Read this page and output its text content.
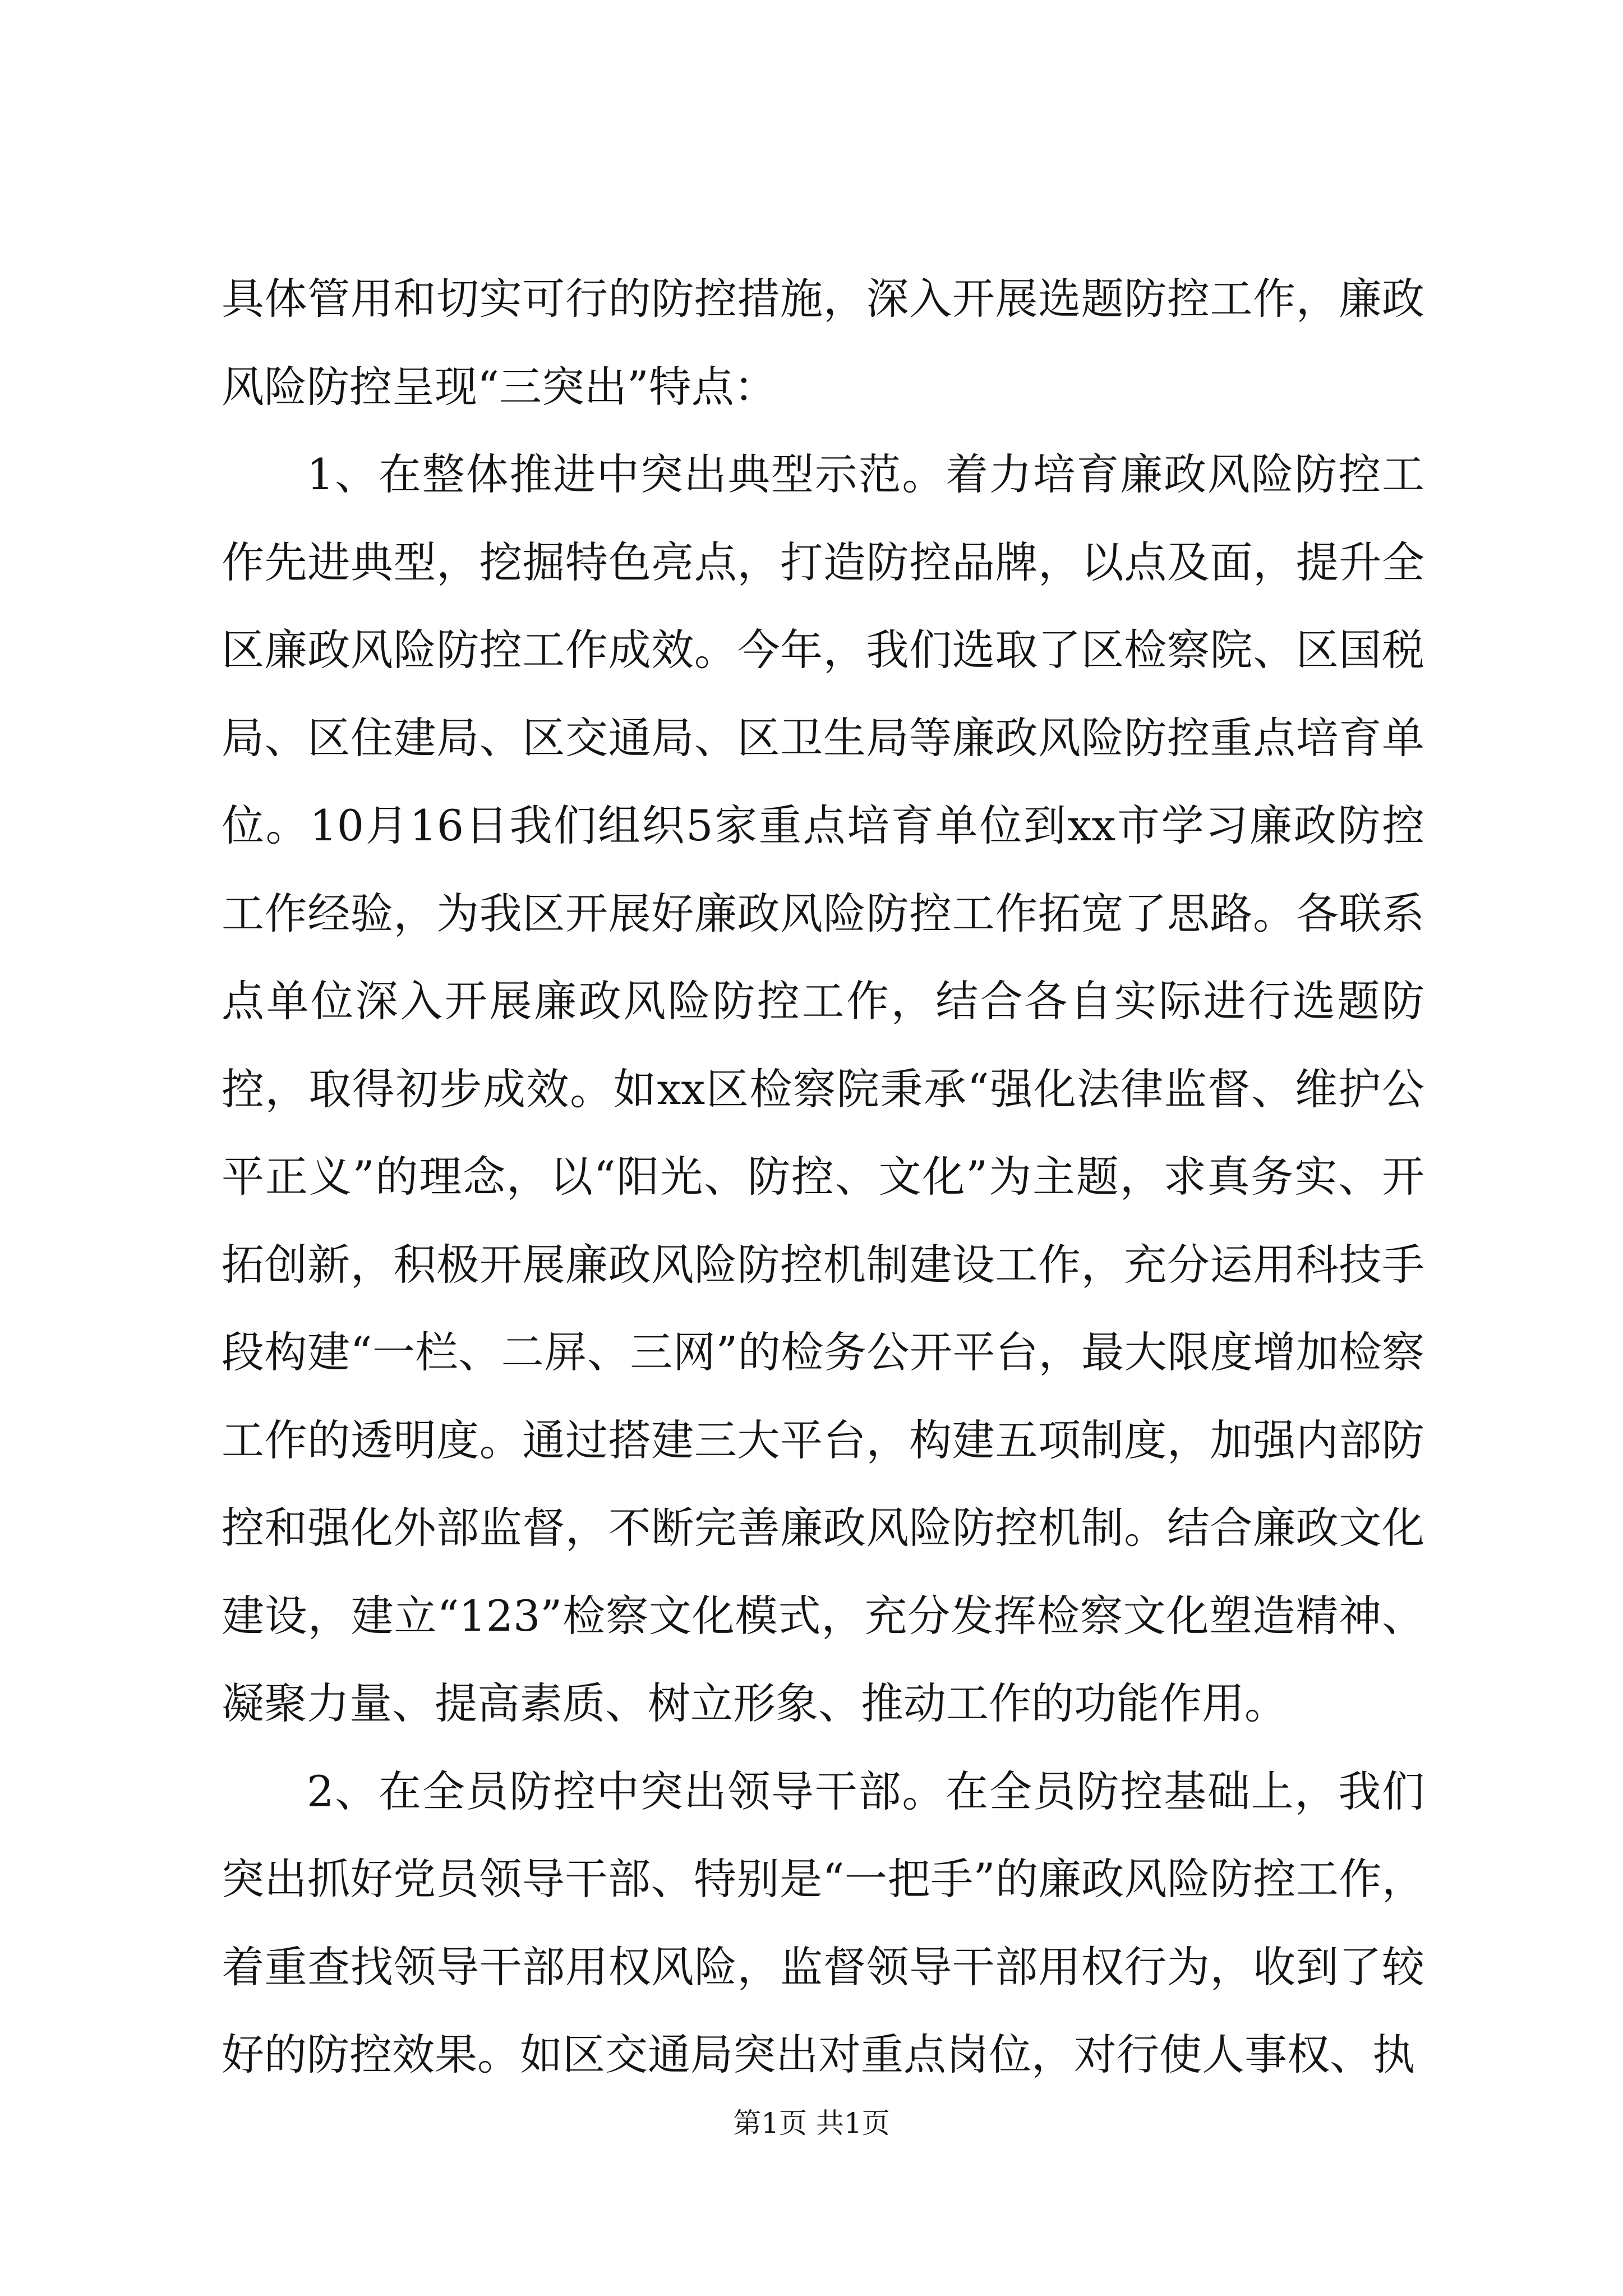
具体管用和切实可行的防控措施，深入开展选题防控工作，廉政风险防控呈现“三突出”特点：

1、在整体推进中突出典型示范。着力培育廉政风险防控工作先进典型，挖掘特色亮点，打造防控品牌，以点及面，提升全区廉政风险防控工作成效。今年，我们选取了区检察院、区国税局、区住建局、区交通局、区卫生局等廉政风险防控重点培育单位。10月16日我们组织5家重点培育单位到xx市学习廉政防控工作经验，为我区开展好廉政风险防控工作拓宽了思路。各联系点单位深入开展廉政风险防控工作，结合各自实际进行选题防控，取得初步成效。如xx区检察院秉承“强化法律监督、维护公平正义”的理念，以“阳光、防控、文化”为主题，求真务实、开拓创新，积极开展廉政风险防控机制建设工作，充分运用科技手段构建“一栏、二屏、三网”的检务公开平台，最大限度增加检察工作的透明度。通过搭建三大平台，构建五项制度，加强内部防控和强化外部监督，不断完善廉政风险防控机制。结合廉政文化建设，建立“123”检察文化模式，充分发挥检察文化塑造精神、凝聚力量、提高素质、树立形象、推动工作的功能作用。

2、在全员防控中突出领导干部。在全员防控基础上，我们突出抓好党员领导干部、特别是“一把手”的廉政风险防控工作，着重查找领导干部用权风险，监督领导干部用权行为，收到了较好的防控效果。如区交通局突出对重点岗位，对行使人事权、执

第1页 共1页
